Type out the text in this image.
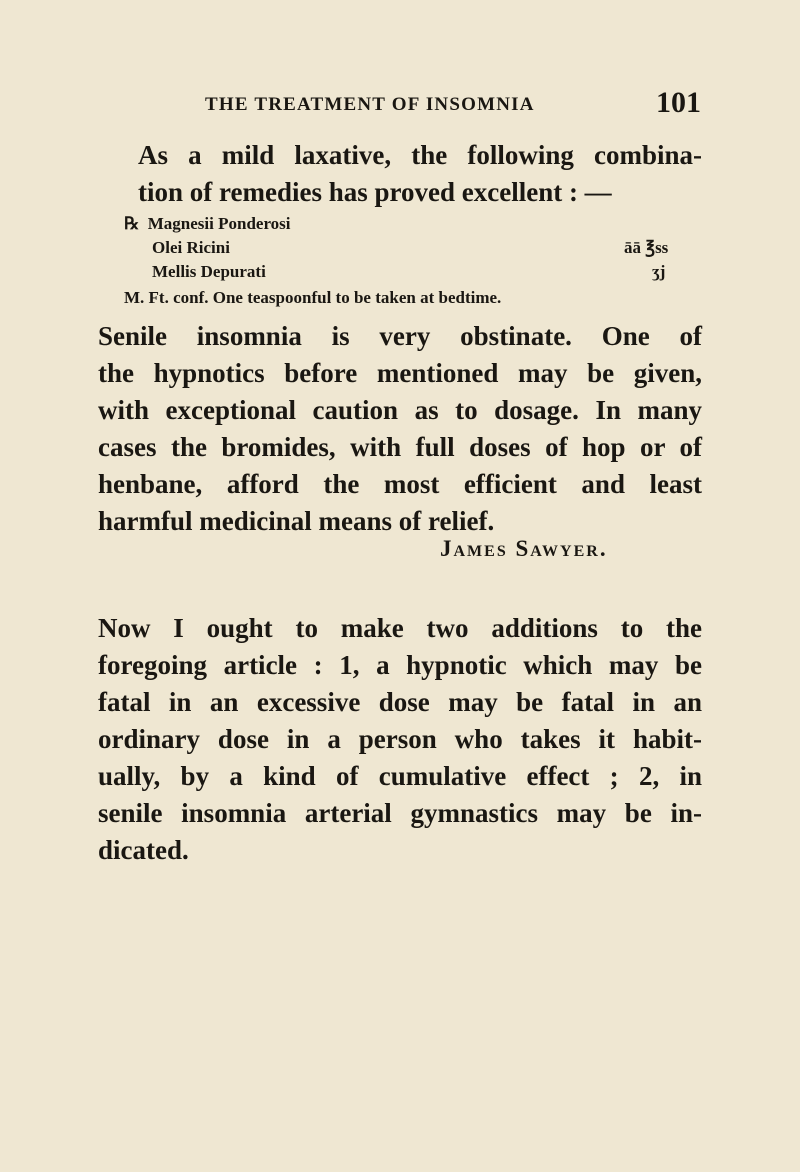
THE TREATMENT OF INSOMNIA	101

As a mild laxative, the following combina-
tion of remedies has proved excellent : —

℞ Magnesii Ponderosi
Olei Ricini	āā ℥ss
Mellis Depurati	ʒj
M. Ft. conf. One teaspoonful to be taken at bedtime.

Senile insomnia is very obstinate. One of
the hypnotics before mentioned may be given,
with exceptional caution as to dosage. In many
cases the bromides, with full doses of hop or of
henbane, afford the most efficient and least
harmful medicinal means of relief.

James Sawyer.

Now I ought to make two additions to the
foregoing article : 1, a hypnotic which may be
fatal in an excessive dose may be fatal in an
ordinary dose in a person who takes it habit-
ually, by a kind of cumulative effect ; 2, in
senile insomnia arterial gymnastics may be in-
dicated.
